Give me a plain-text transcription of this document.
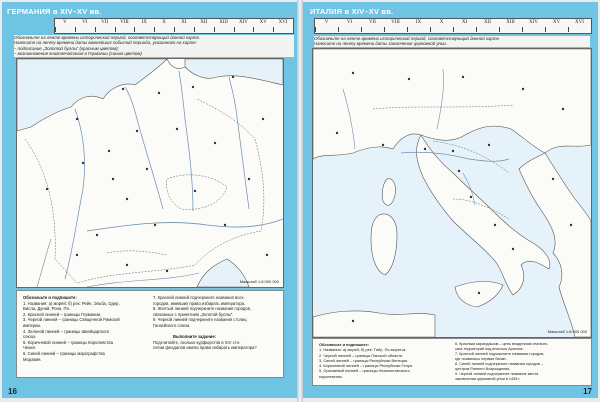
ГЕРМАНИЯ в XIV–XV вв.
V	VI	VII VIII	IX	X	XI	XII XIII XIV XV XVI
Обозначьте на ленте времени исторический период, соответствующий данной карте.
Нанесите на ленту времени даты важнейших событий периода, указанного на карте:
– подписание „Золотой буллы“ (красным цветом);
– возникновение книгопечатания в Германии (синим цветом).
Масштаб 1:8 000 000
Обозначьте и подпишите:
1. Названия: а) морей; б) рек: Рейн, Эльба, Одер,
Висла, Дунай, Рона, По.
2. Красной линией – границы Германии.
3. Черной линией – границы Священной Римской
империи.
4. Зеленой линией – границы Швейцарского
союза.
5. Коричневой линией – границы Королевства
Чехия.
6. Синей линией – границы маркграфства
Моравия.
7. Красной линией подчеркните названия всех
городов, имевших право избирать императора.
8. Желтый линией подчеркните названия городов,
связанных с принятием „Золотой буллы“.
9. Черной линией подчеркните названия столиц
Ганзейского союза.

Выполните задание:
Подсчитайте, сколько курфюрстов в XIV сто-
летии феодалов имели право избирать императора?
16
ИТАЛИЯ в XIV–XV вв.
V	VI	VII	VIII	IX	X	XI	XII	XIII	XIV	XV	XVI
Обозначьте на ленте времени исторический период, соответствующий данной карте.
Нанесите на ленту времени даты заключения церковной унии.
Масштаб 1:8 000 000
Обозначьте и подпишите:
1. Названия: а) морей; б) рек: Тибр, По-мореток
2. Черной линией – границы Папской области.
3. Синей линией – границы Республики Венеция.
4. Коричневой линией – границы Республики Генуя.
5. Оранжевой линией – границы Неаполитанского
королевства.
6. Красным карандашом – цепь владениям итальян-
ских территорий под властью Арагона.
7. Красной линией подчеркните названия городов,
где появились первые банки.
8. Синей линией подчеркните названия городов –
центров Раннего Возрождения.
9. Черной линией подчеркните название места
заключения церковной унии в 1439 г.
17
